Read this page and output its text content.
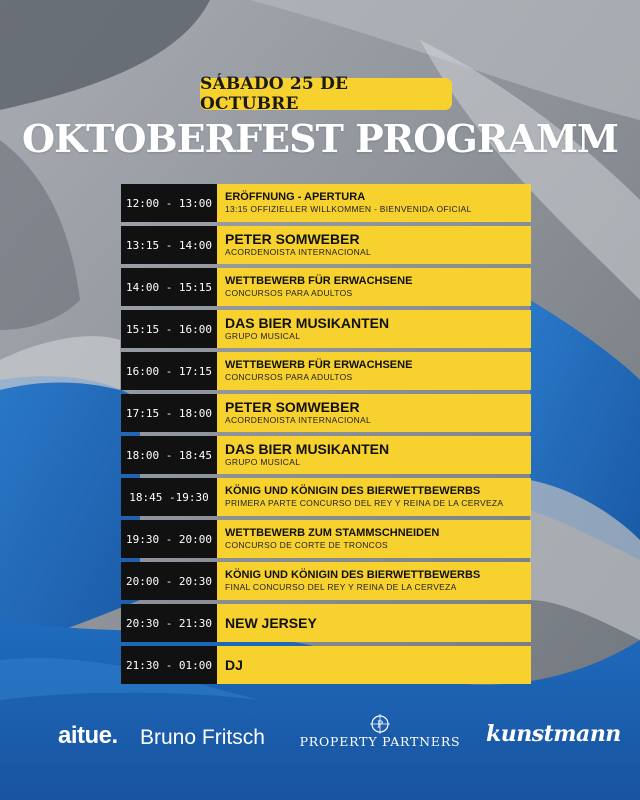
SÁBADO 25 DE OCTUBRE
OKTOBERFEST PROGRAMM
12:00 - 13:00	ERÖFFNUNG - APERTURA
13:15 OFFIZIELLER WILLKOMMEN - BIENVENIDA OFICIAL
13:15 - 14:00 PETER SOMWEBER
ACORDENOISTA INTERNACIONAL
14:00 - 15:15	WETTBEWERB FÜR ERWACHSENE
CONCURSOS PARA ADULTOS
15:15 - 16:00 DAS BIER MUSIKANTEN
GRUPO MUSICAL
16:00 - 17:15	WETTBEWERB FÜR ERWACHSENE
CONCURSOS PARA ADULTOS
17:15 - 18:00 PETER SOMWEBER
ACORDENOISTA INTERNACIONAL
18:00 - 18:45 DAS BIER MUSIKANTEN
GRUPO MUSICAL
18:45 -19:30	KÖNIG UND KÖNIGIN DES BIERWETTBEWERBS
PRIMERA PARTE CONCURSO DEL REY Y REINA DE LA CERVEZA
19:30 - 20:00	WETTBEWERB ZUM STAMMSCHNEIDEN
CONCURSO DE CORTE DE TRONCOS
20:00 - 20:30	KÖNIG UND KÖNIGIN DES BIERWETTBEWERBS
FINAL CONCURSO DEL REY Y REINA DE LA CERVEZA
20:30 - 21:30 NEW JERSEY
21:30 - 01:00 DJ
aitue. Bruno Fritsch
P
PROPERTY PARTNERS kunstmann
